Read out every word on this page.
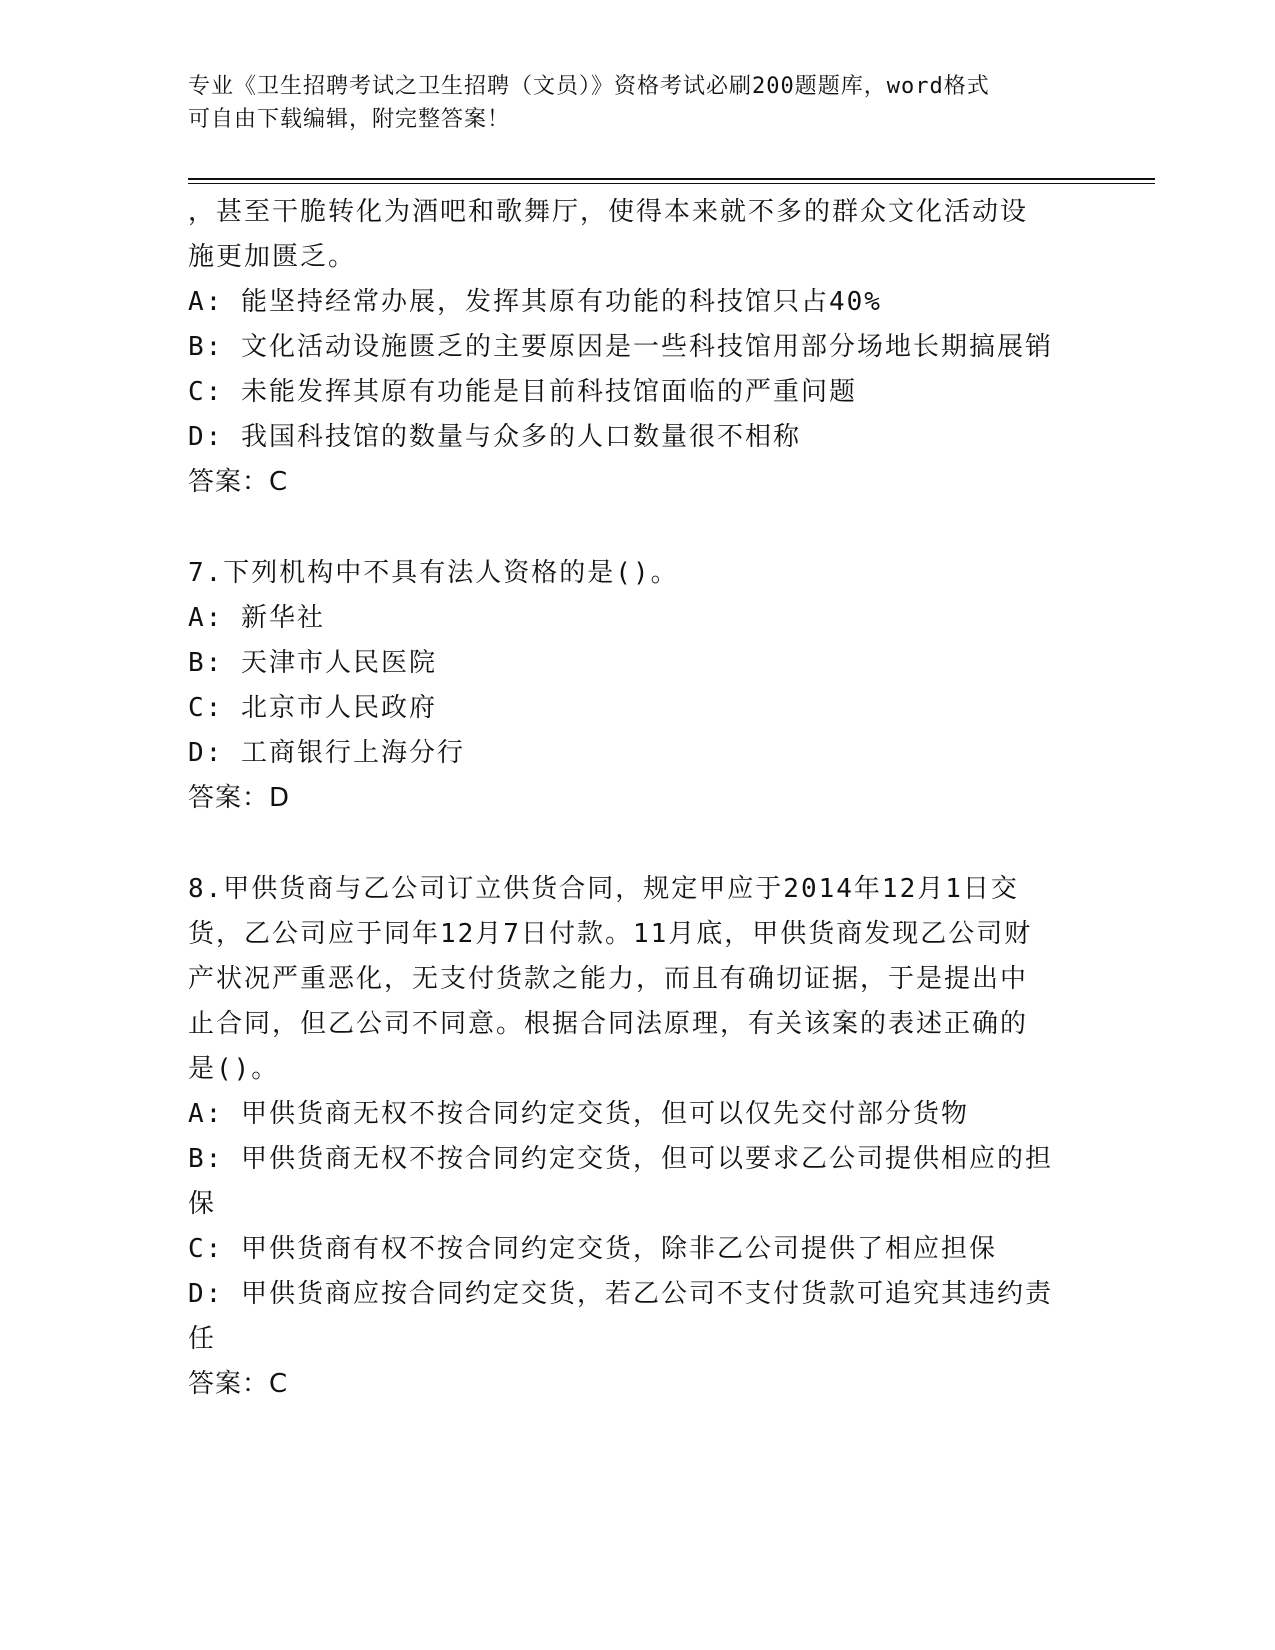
专业《卫生招聘考试之卫生招聘（文员）》资格考试必刷200题题库，word格式
可自由下载编辑，附完整答案！
，甚至干脆转化为酒吧和歌舞厅，使得本来就不多的群众文化活动设
施更加匮乏。
A: 能坚持经常办展，发挥其原有功能的科技馆只占40%
B: 文化活动设施匮乏的主要原因是一些科技馆用部分场地长期搞展销
C: 未能发挥其原有功能是目前科技馆面临的严重问题
D: 我国科技馆的数量与众多的人口数量很不相称
答案：C
7.下列机构中不具有法人资格的是()。
A: 新华社
B: 天津市人民医院
C: 北京市人民政府
D: 工商银行上海分行
答案：D
8.甲供货商与乙公司订立供货合同，规定甲应于2014年12月1日交
货，乙公司应于同年12月7日付款。11月底，甲供货商发现乙公司财
产状况严重恶化，无支付货款之能力，而且有确切证据，于是提出中
止合同，但乙公司不同意。根据合同法原理，有关该案的表述正确的
是()。
A: 甲供货商无权不按合同约定交货，但可以仅先交付部分货物
B: 甲供货商无权不按合同约定交货，但可以要求乙公司提供相应的担
保
C: 甲供货商有权不按合同约定交货，除非乙公司提供了相应担保
D: 甲供货商应按合同约定交货，若乙公司不支付货款可追究其违约责
任
答案：C
